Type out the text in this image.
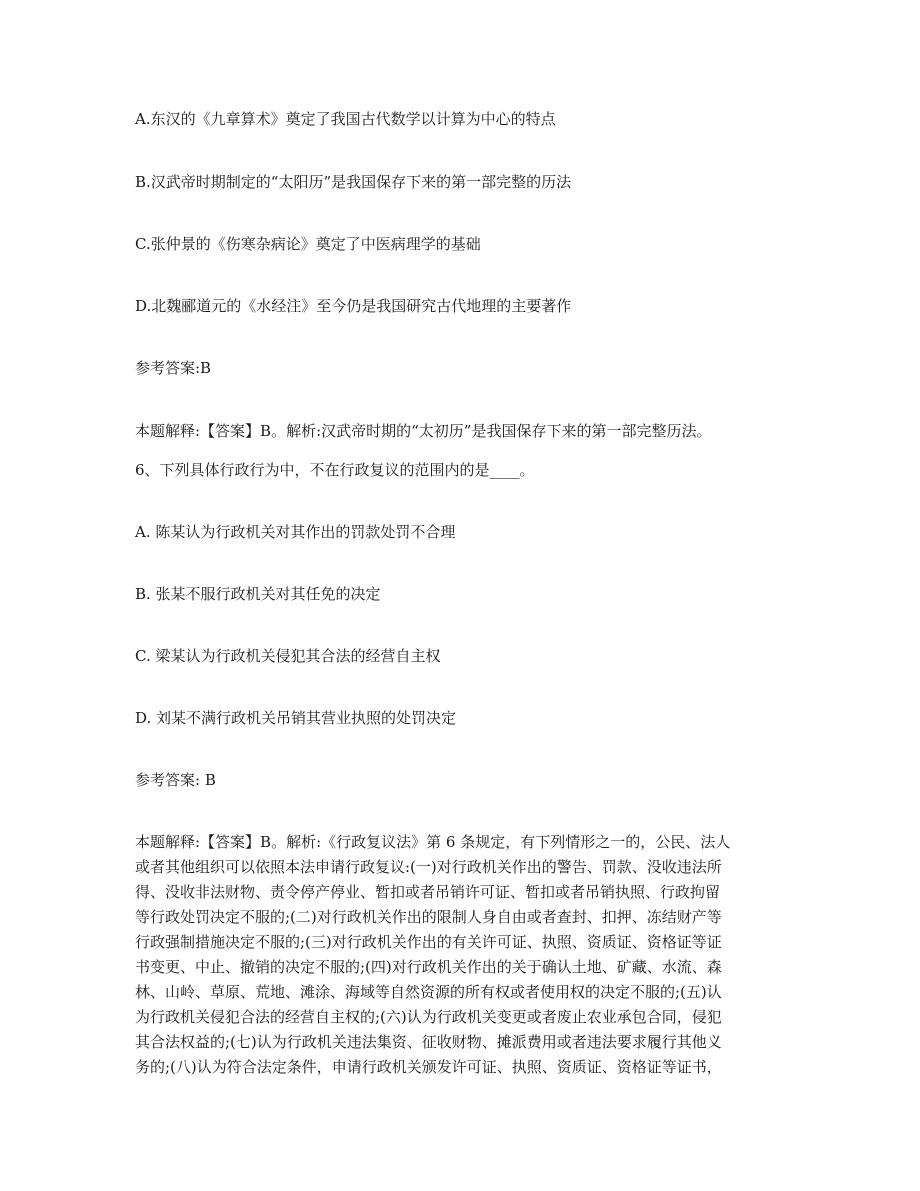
A.东汉的《九章算术》奠定了我国古代数学以计算为中心的特点
B.汉武帝时期制定的“太阳历”是我国保存下来的第一部完整的历法
C.张仲景的《伤寒杂病论》奠定了中医病理学的基础
D.北魏郦道元的《水经注》至今仍是我国研究古代地理的主要著作
参考答案:B
本题解释:【答案】B。解析:汉武帝时期的“太初历”是我国保存下来的第一部完整历法。
6、下列具体行政行为中，不在行政复议的范围内的是____。
A. 陈某认为行政机关对其作出的罚款处罚不合理
B. 张某不服行政机关对其任免的决定
C. 梁某认为行政机关侵犯其合法的经营自主权
D. 刘某不满行政机关吊销其营业执照的处罚决定
参考答案: B
本题解释:【答案】B。解析:《行政复议法》第 6 条规定，有下列情形之一的，公民、法人
或者其他组织可以依照本法申请行政复议:(一)对行政机关作出的警告、罚款、没收违法所
得、没收非法财物、责令停产停业、暂扣或者吊销许可证、暂扣或者吊销执照、行政拘留
等行政处罚决定不服的;(二)对行政机关作出的限制人身自由或者查封、扣押、冻结财产等
行政强制措施决定不服的;(三)对行政机关作出的有关许可证、执照、资质证、资格证等证
书变更、中止、撤销的决定不服的;(四)对行政机关作出的关于确认土地、矿藏、水流、森
林、山岭、草原、荒地、滩涂、海域等自然资源的所有权或者使用权的决定不服的;(五)认
为行政机关侵犯合法的经营自主权的;(六)认为行政机关变更或者废止农业承包合同，侵犯
其合法权益的;(七)认为行政机关违法集资、征收财物、摊派费用或者违法要求履行其他义
务的;(八)认为符合法定条件，申请行政机关颁发许可证、执照、资质证、资格证等证书，
